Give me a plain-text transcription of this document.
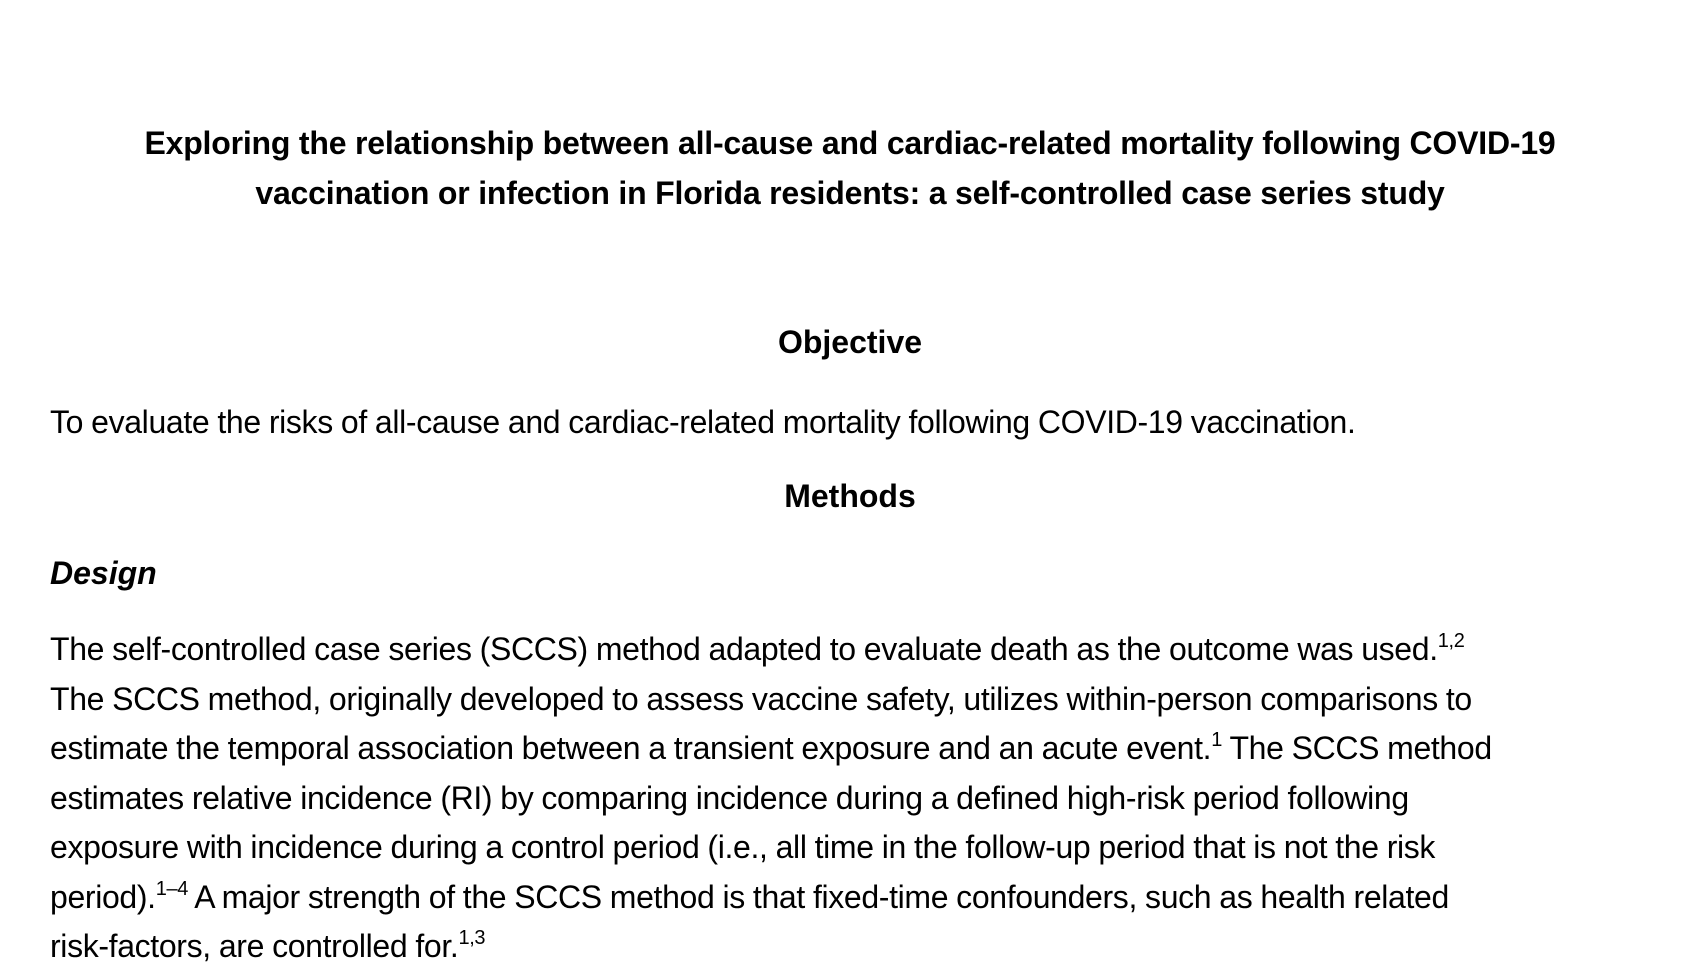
Exploring the relationship between all-cause and cardiac-related mortality following COVID-19 vaccination or infection in Florida residents: a self-controlled case series study
Objective
To evaluate the risks of all-cause and cardiac-related mortality following COVID-19 vaccination.
Methods
Design
The self-controlled case series (SCCS) method adapted to evaluate death as the outcome was used.$^{1,2}$
The SCCS method, originally developed to assess vaccine safety, utilizes within-person comparisons to
estimate the temporal association between a transient exposure and an acute event.$^1$ The SCCS method
estimates relative incidence (RI) by comparing incidence during a defined high-risk period following
exposure with incidence during a control period (i.e., all time in the follow-up period that is not the risk
period).$^{1-4}$ A major strength of the SCCS method is that fixed-time confounders, such as health related
risk-factors, are controlled for.$^{1,3}$
